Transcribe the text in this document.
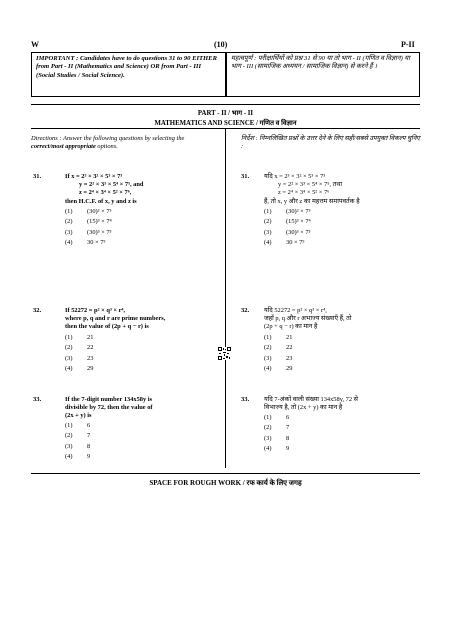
W	(10)	P-II
IMPORTANT : Candidates have to do questions 31 to 90 EITHER from Part - II (Mathematics and Science) OR from Part - III (Social Studies / Social Science).
महत्वपूर्ण : परीक्षार्थियों को प्रश्न 31 से 90 या तो भाग - II (गणित व विज्ञान) या भाग - III (सामाजिक अध्ययन / सामाजिक विज्ञान) से करने हैं ।
PART - II / भाग - II
MATHEMATICS AND SCIENCE / गणित व विज्ञान
Directions : Answer the following questions by selecting the correct/most appropriate options.
निर्देश : निम्नलिखित प्रश्नों के उत्तर देने के लिए सही/सबसे उपयुक्त विकल्प चुनिए :
31.	If x = 2³ × 3² × 5³ × 7³
y = 2² × 3³ × 5⁴ × 7⁵, and
z = 2⁴ × 3⁴ × 5² × 7⁶,
then H.C.F. of x, y and z is
(1) (30)² × 7³
(2) (15)³ × 7⁴
(3) (30)³ × 7³
(4) 30 × 7⁵
31. यदि x = 2³ × 3² × 5³ × 7³
y = 2² × 3³ × 5⁴ × 7⁵, तथा
z = 2⁴ × 3⁴ × 5² × 7⁶
हैं, तो x, y और z का महत्तम समापवर्तक है
(1) (30)² × 7³
(2) (15)³ × 7⁴
(3) (30)³ × 7³
(4) 30 × 7⁵
32.	If 52272 = p² × q³ × r⁴,
where p, q and r are prime numbers,
then the value of (2p + q − r) is
(1) 21
(2) 22
(3) 23
(4) 29
32. यदि 52272 = p² × q³ × r⁴,
जहाँ p, q और r अभाज्य संख्याएँ हैं, तो
(2p + q − r) का मान है
(1) 21
(2) 22
(3) 23
(4) 29
33.	If the 7-digit number 134x58y is
divisible by 72, then the value of
(2x + y) is
(1) 6
(2) 7
(3) 8
(4) 9
33. यदि 7-अंकों वाली संख्या 134x58y, 72 से
विभाज्य है, तो (2x + y) का मान है
(1) 6
(2) 7
(3) 8
(4) 9
SPACE FOR ROUGH WORK / रफ कार्य के लिए जगह
